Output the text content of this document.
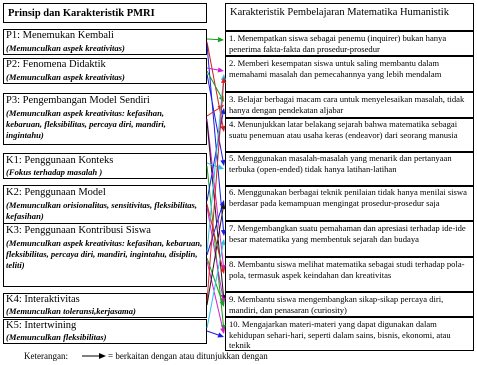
Prinsip dan Karakteristik PMRI	Karakteristik Pembelajaran Matematika Humanistik
P1: Menemukan Kembali
(Memunculkan aspek kreativitas)
P2: Fenomena Didaktik
(Memunculkan aspek kreativitas)
P3: Pengembangan Model Sendiri
(Memunculkan aspek kreativitas: kefasihan, kebaruan, fleksibilitas, percaya diri, mandiri, ingintahu)
K1: Penggunaan Konteks
(Fokus terhadap masalah )
K2: Penggunaan Model
(Memunculkan orisionalitas, sensitivitas, fleksibilitas, kefasihan)
K3: Penggunaan Kontribusi Siswa
(Memunculkan aspek kreativitas: kefasihan, kebaruan, fleksibilitas, percaya diri, mandiri, ingintahu, disiplin, teliti)
K4: Interaktivitas
(Memunculkan toleransi,kerjasama)
K5: Intertwining
(Memunculkan fleksibilitas)
1. Menempatkan siswa sebagai penemu (inquirer) bukan hanya penerima fakta-fakta dan prosedur-prosedur
2. Memberi kesempatan siswa untuk saling membantu dalam memahami masalah dan pemecahannya yang lebih mendalam
3. Belajar berbagai macam cara untuk menyelesaikan masalah, tidak hanya dengan pendekatan aljabar
4. Menunjukkan latar belakang sejarah bahwa matematika sebagai suatu penemuan atau usaha keras (endeavor) dari seorang manusia
5. Menggunakan masalah-masalah yang menarik dan pertanyaan terbuka (open-ended) tidak hanya latihan-latihan
6. Menggunakan berbagai teknik penilaian tidak hanya menilai siswa berdasar pada kemampuan mengingat prosedur-prosedur saja
7. Mengembangkan suatu pemahaman dan apresiasi terhadap ide-ide besar matematika yang membentuk sejarah dan budaya
8. Membantu siswa melihat matematika sebagai studi terhadap pola-pola, termasuk aspek keindahan dan kreativitas
9. Membantu siswa mengembangkan sikap-sikap percaya diri, mandiri, dan penasaran (curiosity)
10. Mengajarkan materi-materi yang dapat digunakan dalam kehidupan sehari-hari, seperti dalam sains, bisnis, ekonomi, atau teknik
Keterangan:	= berkaitan dengan atau ditunjukkan dengan
